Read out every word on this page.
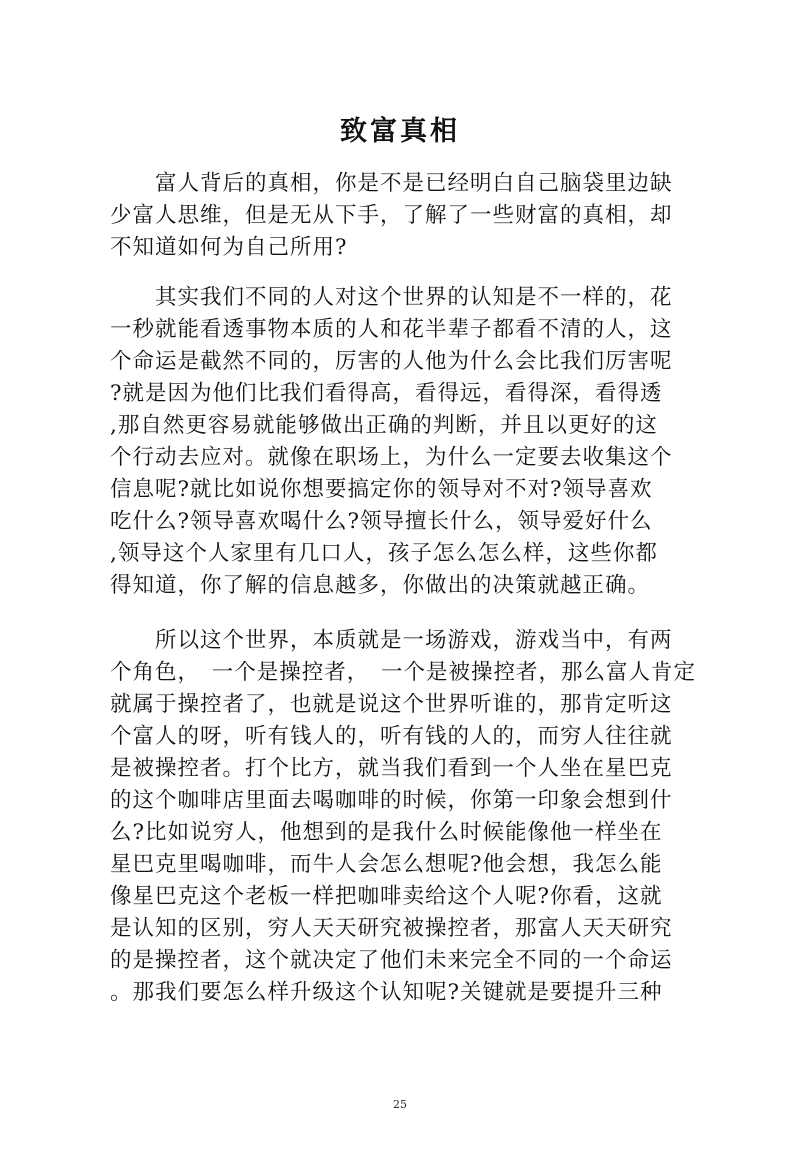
致富真相
　　富人背后的真相，你是不是已经明白自己脑袋里边缺
少富人思维，但是无从下手，了解了一些财富的真相，却
不知道如何为自己所用?
　　其实我们不同的人对这个世界的认知是不一样的，花
一秒就能看透事物本质的人和花半辈子都看不清的人，这
个命运是截然不同的，厉害的人他为什么会比我们厉害呢
?就是因为他们比我们看得高，看得远，看得深，看得透
,那自然更容易就能够做出正确的判断，并且以更好的这
个行动去应对。就像在职场上，为什么一定要去收集这个
信息呢?就比如说你想要搞定你的领导对不对?领导喜欢
吃什么?领导喜欢喝什么?领导擅长什么，领导爱好什么
,领导这个人家里有几口人，孩子怎么怎么样，这些你都
得知道，你了解的信息越多，你做出的决策就越正确。
　　所以这个世界，本质就是一场游戏，游戏当中，有两
个角色，　一个是操控者，　一个是被操控者，那么富人肯定
就属于操控者了，也就是说这个世界听谁的，那肯定听这
个富人的呀，听有钱人的，听有钱的人的，而穷人往往就
是被操控者。打个比方，就当我们看到一个人坐在星巴克
的这个咖啡店里面去喝咖啡的时候，你第一印象会想到什
么?比如说穷人，他想到的是我什么时候能像他一样坐在
星巴克里喝咖啡，而牛人会怎么想呢?他会想，我怎么能
像星巴克这个老板一样把咖啡卖给这个人呢?你看，这就
是认知的区别，穷人天天研究被操控者，那富人天天研究
的是操控者，这个就决定了他们未来完全不同的一个命运
。那我们要怎么样升级这个认知呢?关键就是要提升三种
25
